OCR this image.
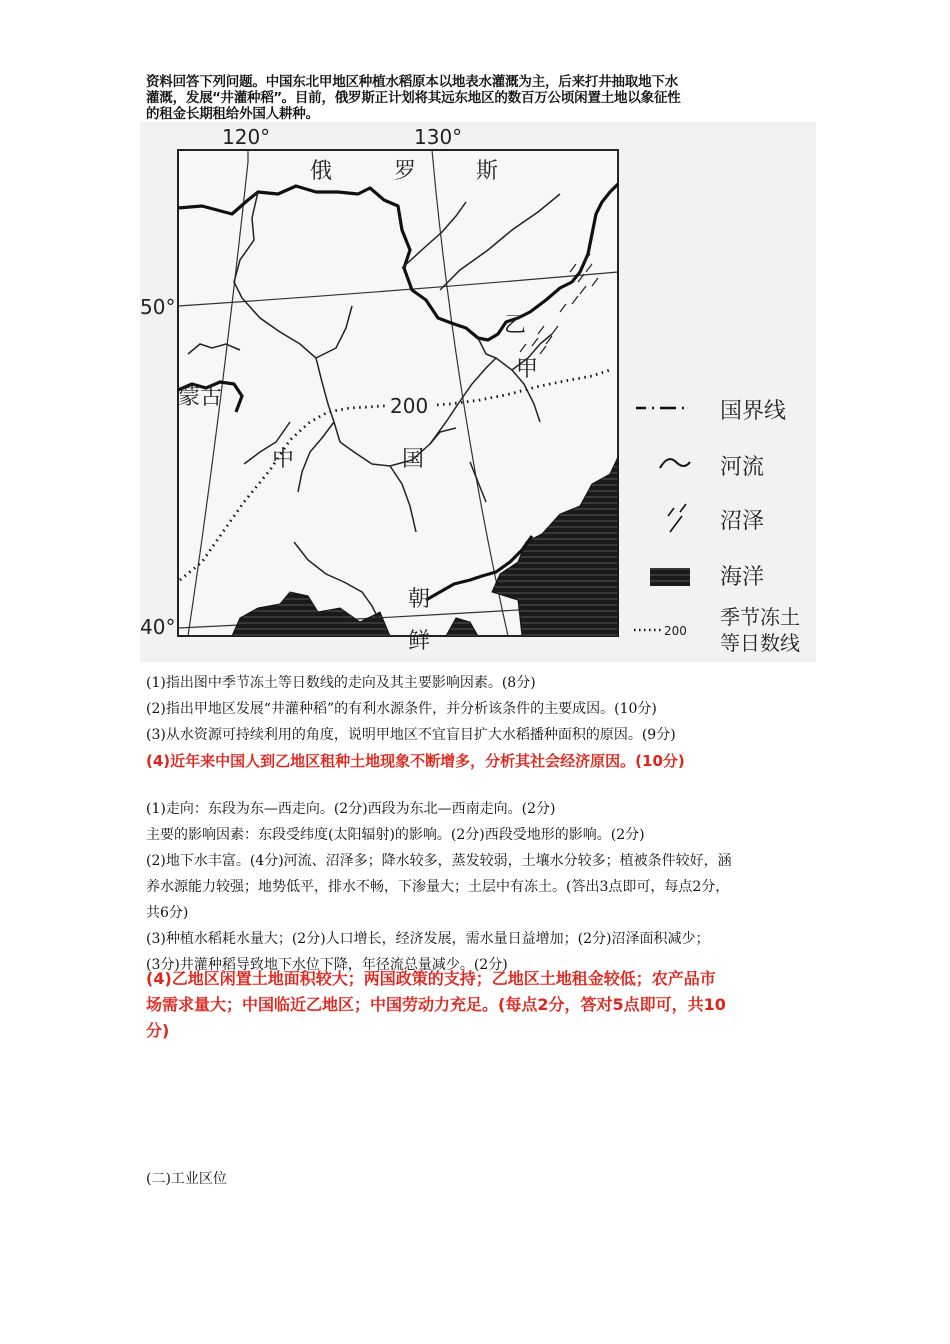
资料回答下列问题。中国东北甲地区种植水稻原本以地表水灌溉为主，后来打井抽取地下水
灌溉，发展“井灌种稻”。目前，俄罗斯正计划将其远东地区的数百万公顷闲置土地以象征性
的租金长期租给外国人耕种。
120°	130°
50°
40°
俄	罗	斯
蒙古
中	国
朝
鲜
甲
乙
200	国界线
河流
沼泽
海洋
200
季节冻土
等日数线
(1)指出图中季节冻土等日数线的走向及其主要影响因素。(8分)
(2)指出甲地区发展“井灌种稻”的有利水源条件，并分析该条件的主要成因。(10分)
(3)从水资源可持续利用的角度，说明甲地区不宜盲目扩大水稻播种面积的原因。(9分)
(4)近年来中国人到乙地区租种土地现象不断增多，分析其社会经济原因。(10分)
(1)走向：东段为东—西走向。(2分)西段为东北—西南走向。(2分)
主要的影响因素：东段受纬度(太阳辐射)的影响。(2分)西段受地形的影响。(2分)
(2)地下水丰富。(4分)河流、沼泽多；降水较多，蒸发较弱，土壤水分较多；植被条件较好，涵
养水源能力较强；地势低平，排水不畅，下渗量大；土层中有冻土。(答出3点即可，每点2分，
共6分)
(3)种植水稻耗水量大；(2分)人口增长，经济发展，需水量日益增加；(2分)沼泽面积减少；
(3分)井灌种稻导致地下水位下降，年径流总量减少。(2分)
(4)乙地区闲置土地面积较大；两国政策的支持；乙地区土地租金较低；农产品市
场需求量大；中国临近乙地区；中国劳动力充足。(每点2分，答对5点即可，共10
分)
(二)工业区位
